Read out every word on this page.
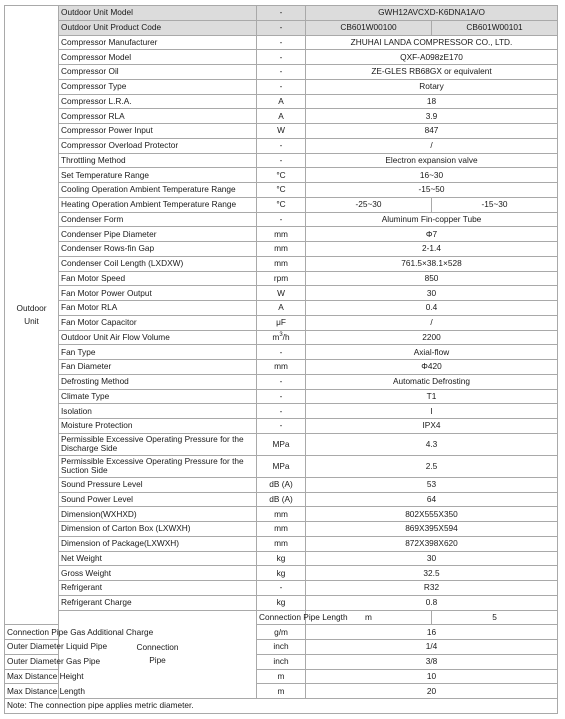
Outdoor
Unit	Outdoor Unit Model	-	GWH12AVCXD-K6DNA1A/O	
	Outdoor Unit Product Code	-	CB601W00100	CB601W00101
	Compressor Manufacturer	-	ZHUHAI LANDA COMPRESSOR CO., LTD.	
	Compressor Model	-	QXF-A098zE170	
	Compressor Oil	-	ZE-GLES RB68GX or equivalent	
	Compressor Type	-	Rotary	
	Compressor L.R.A.	A	18	
	Compressor RLA	A	3.9	
	Compressor Power Input	W	847	
	Compressor Overload Protector	-	/	
	Throttling Method	-	Electron expansion valve	
	Set Temperature Range	°C	16~30	
	Cooling Operation Ambient Temperature Range	°C	-15~50	
	Heating Operation Ambient Temperature Range	°C	-25~30	-15~30
	Condenser Form	-	Aluminum Fin-copper Tube	
	Condenser Pipe Diameter	mm	Φ7	
	Condenser Rows-fin Gap	mm	2-1.4	
	Condenser Coil Length (LXDXW)	mm	761.5×38.1×528	
	Fan Motor Speed	rpm	850	
	Fan Motor Power Output	W	30	
	Fan Motor RLA	A	0.4	
	Fan Motor Capacitor	μF	/	
	Outdoor Unit Air Flow Volume	$m^3/h$	2200	
	Fan Type	-	Axial-flow	
	Fan Diameter	mm	Φ420	
	Defrosting Method	-	Automatic Defrosting	
	Climate Type	-	T1	
	Isolation	-	I	
	Moisture Protection	-	IPX4	
	Permissible Excessive Operating Pressure for the Discharge Side	MPa	4.3	
	Permissible Excessive Operating Pressure for the Suction Side	MPa	2.5	
	Sound Pressure Level	dB (A)	53	
	Sound Power Level	dB (A)	64	
	Dimension(WXHXD)	mm	802X555X350	
	Dimension of Carton Box (LXWXH)	mm	869X395X594	
	Dimension of Package(LXWXH)	mm	872X398X620	
	Net Weight	kg	30	
	Gross Weight	kg	32.5	
	Refrigerant	-	R32	
	Refrigerant Charge	kg	0.8	
	Connection
Pipe	Connection Pipe Length	m	5
Connection Pipe Gas Additional Charge		g/m	16	
Outer Diameter Liquid Pipe		inch	1/4	
Outer Diameter Gas Pipe		inch	3/8	
Max Distance Height		m	10	
Max Distance Length		m	20	
Note: The connection pipe applies metric diameter.				
